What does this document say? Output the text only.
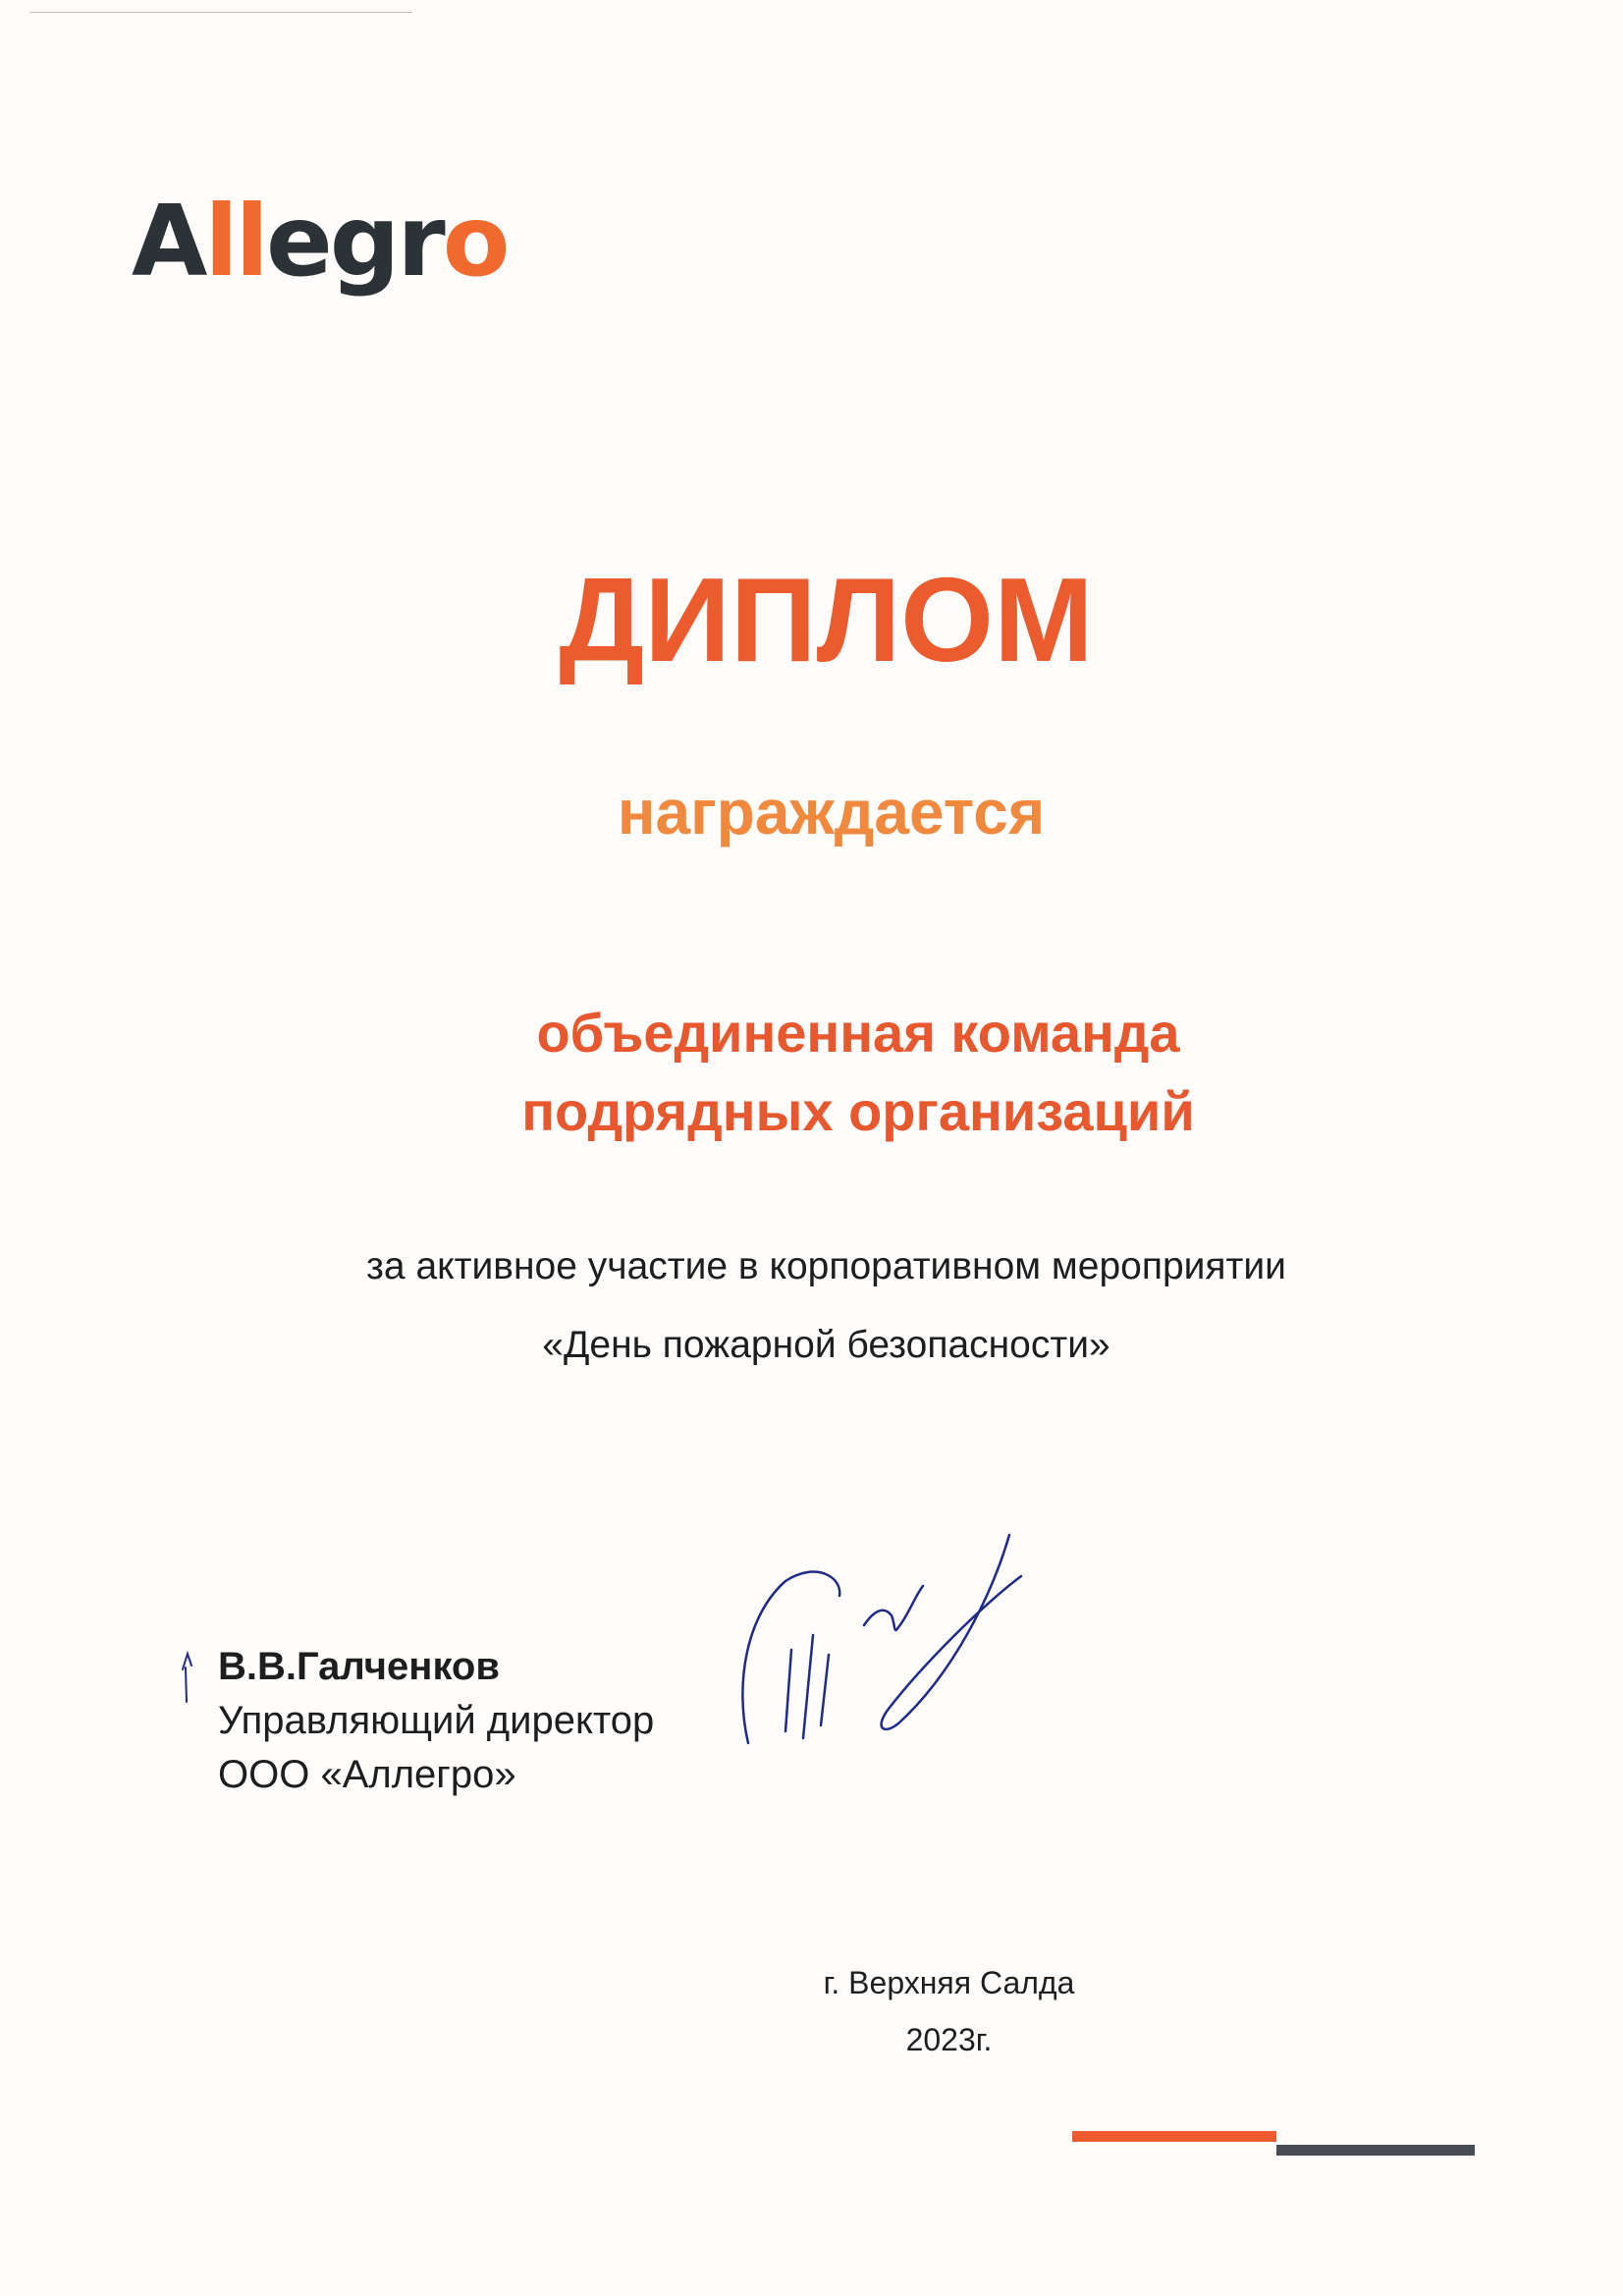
Allegro
ДИПЛОМ
награждается
объединенная команда
подрядных организаций
за активное участие в корпоративном мероприятии
«День пожарной безопасности»
В.В.Галченков
Управляющий директор
ООО «Аллегро»
г. Верхняя Салда
2023г.
